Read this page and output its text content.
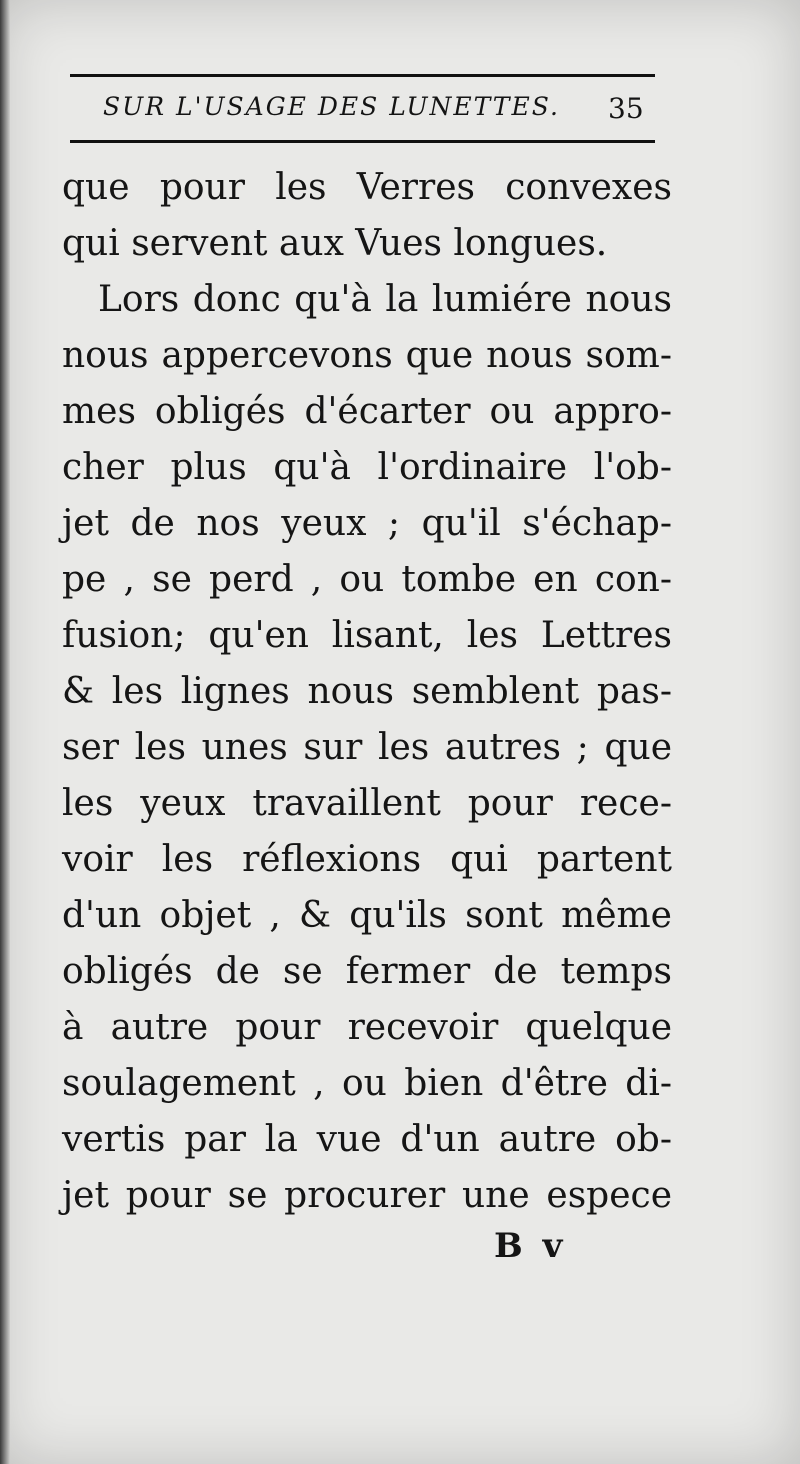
SUR L'USAGE DES LUNETTES.	35
que pour les Verres convexes
qui servent aux Vues longues.
Lors donc qu'à la lumiére nous
nous appercevons que nous som-
mes obligés d'écarter ou appro-
cher plus qu'à l'ordinaire l'ob-
jet de nos yeux ; qu'il s'échap-
pe , se perd , ou tombe en con-
fusion; qu'en lisant, les Lettres
& les lignes nous semblent pas-
ser les unes sur les autres ; que
les yeux travaillent pour rece-
voir les réflexions qui partent
d'un objet , & qu'ils sont même
obligés de se fermer de temps
à autre pour recevoir quelque
soulagement , ou bien d'être di-
vertis par la vue d'un autre ob-
jet pour se procurer une espece
B v
